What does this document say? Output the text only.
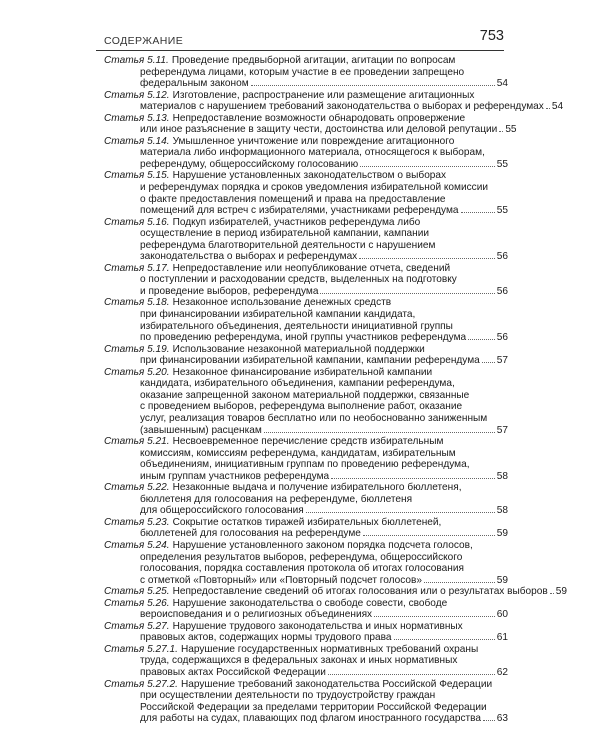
СОДЕРЖАНИЕ	753
Статья 5.11. Проведение предвыборной агитации, агитации по вопросам
референдума лицами, которым участие в ее проведении запрещено
федеральным законом	54
Статья 5.12. Изготовление, распространение или размещение агитационных
материалов с нарушением требований законодательства о выборах и референдумах 54
Статья 5.13. Непредоставление возможности обнародовать опровержение
или иное разъяснение в защиту чести, достоинства или деловой репутации 55
Статья 5.14. Умышленное уничтожение или повреждение агитационного
материала либо информационного материала, относящегося к выборам,
референдуму, общероссийскому голосованию	55
Статья 5.15. Нарушение установленных законодательством о выборах
и референдумах порядка и сроков уведомления избирательной комиссии
о факте предоставления помещений и права на предоставление
помещений для встреч с избирателями, участниками референдума	55
Статья 5.16. Подкуп избирателей, участников референдума либо
осуществление в период избирательной кампании, кампании
референдума благотворительной деятельности с нарушением
законодательства о выборах и референдумах	56
Статья 5.17. Непредоставление или неопубликование отчета, сведений
о поступлении и расходовании средств, выделенных на подготовку
и проведение выборов, референдума	56
Статья 5.18. Незаконное использование денежных средств
при финансировании избирательной кампании кандидата,
избирательного объединения, деятельности инициативной группы
по проведению референдума, иной группы участников референдума	56
Статья 5.19. Использование незаконной материальной поддержки
при финансировании избирательной кампании, кампании референдума 57
Статья 5.20. Незаконное финансирование избирательной кампании
кандидата, избирательного объединения, кампании референдума,
оказание запрещенной законом материальной поддержки, связанные
с проведением выборов, референдума выполнение работ, оказание
услуг, реализация товаров бесплатно или по необоснованно заниженным
(завышенным) расценкам	57
Статья 5.21. Несвоевременное перечисление средств избирательным
комиссиям, комиссиям референдума, кандидатам, избирательным
объединениям, инициативным группам по проведению референдума,
иным группам участников референдума	58
Статья 5.22. Незаконные выдача и получение избирательного бюллетеня,
бюллетеня для голосования на референдуме, бюллетеня
для общероссийского голосования	58
Статья 5.23. Сокрытие остатков тиражей избирательных бюллетеней,
бюллетеней для голосования на референдуме	59
Статья 5.24. Нарушение установленного законом порядка подсчета голосов,
определения результатов выборов, референдума, общероссийского
голосования, порядка составления протокола об итогах голосования
с отметкой «Повторный» или «Повторный подсчет голосов»	59
Статья 5.25. Непредоставление сведений об итогах голосования или о результатах выборов 59
Статья 5.26. Нарушение законодательства о свободе совести, свободе
вероисповедания и о религиозных объединениях	60
Статья 5.27. Нарушение трудового законодательства и иных нормативных
правовых актов, содержащих нормы трудового права	61
Статья 5.27.1. Нарушение государственных нормативных требований охраны
труда, содержащихся в федеральных законах и иных нормативных
правовых актах Российской Федерации	62
Статья 5.27.2. Нарушение требований законодательства Российской Федерации
при осуществлении деятельности по трудоустройству граждан
Российской Федерации за пределами территории Российской Федерации
для работы на судах, плавающих под флагом иностранного государства 63
